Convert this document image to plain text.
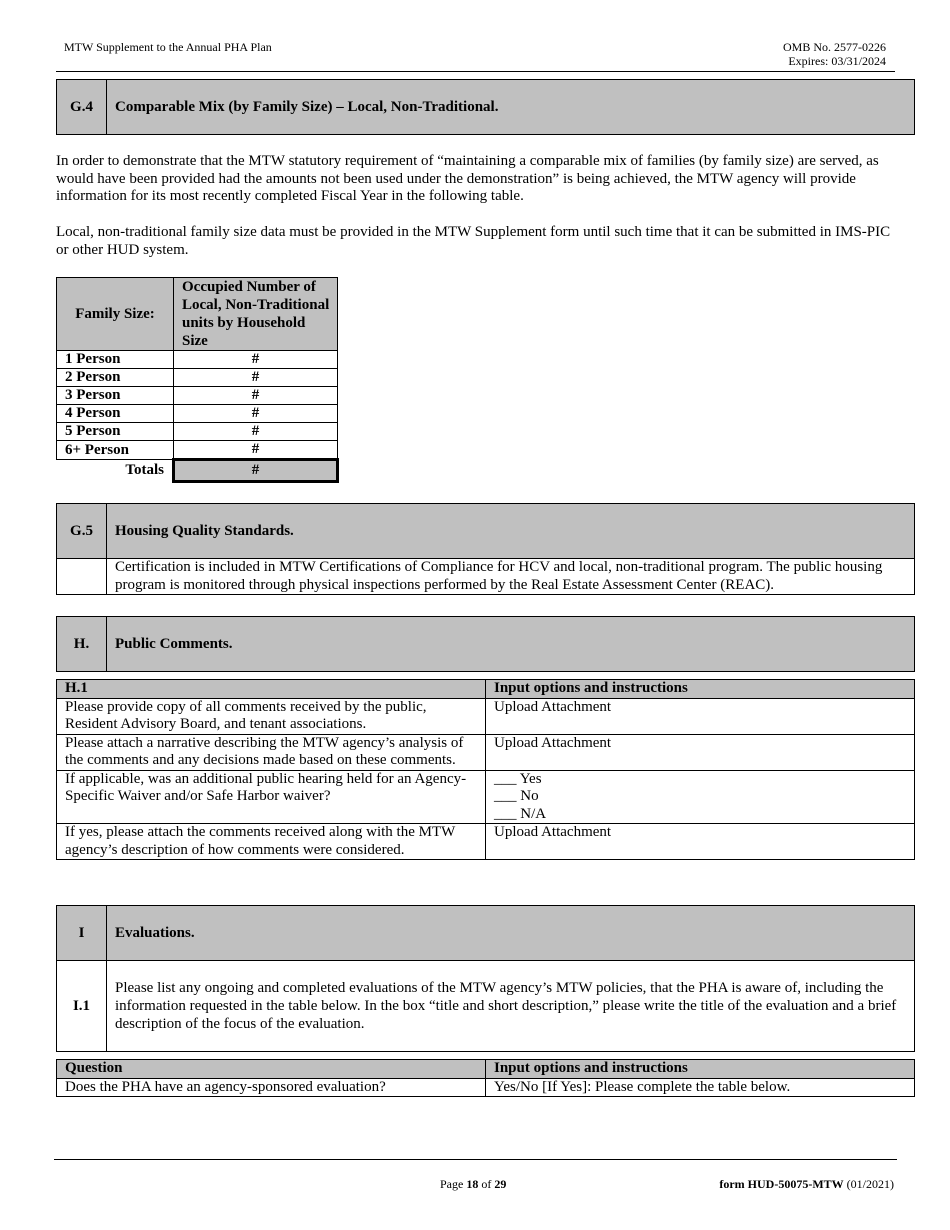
MTW Supplement to the Annual PHA Plan	OMB No. 2577-0226
Expires: 03/31/2024
G.4	Comparable Mix (by Family Size) – Local, Non-Traditional.

In order to demonstrate that the MTW statutory requirement of “maintaining a comparable mix of families (by family size) are served, as would have been provided had the amounts not been used under the demonstration” is being achieved, the MTW agency will provide information for its most recently completed Fiscal Year in the following table.

Local, non-traditional family size data must be provided in the MTW Supplement form until such time that it can be submitted in IMS-PIC or other HUD system.

Family Size:	Occupied Number of Local, Non-Traditional units by Household Size
1 Person	#
2 Person	#
3 Person	#
4 Person	#
5 Person	#
6+ Person	#
Totals	#
G.5	Housing Quality Standards.
	Certification is included in MTW Certifications of Compliance for HCV and local, non-traditional program. The public housing program is monitored through physical inspections performed by the Real Estate Assessment Center (REAC).
H.	Public Comments.
H.1	Input options and instructions
Please provide copy of all comments received by the public, Resident Advisory Board, and tenant associations.	Upload Attachment
Please attach a narrative describing the MTW agency’s analysis of the comments and any decisions made based on these comments.	Upload Attachment
If applicable, was an additional public hearing held for an Agency-Specific Waiver and/or Safe Harbor waiver?	___ Yes
___ No
___ N/A

If yes, please attach the comments received along with the MTW agency’s description of how comments were considered.	Upload Attachment
I	Evaluations.
I.1	Please list any ongoing and completed evaluations of the MTW agency’s MTW policies, that the PHA is aware of, including the information requested in the table below. In the box “title and short description,” please write the title of the evaluation and a brief description of the focus of the evaluation.
Question	Input options and instructions
Does the PHA have an agency-sponsored evaluation?	Yes/No [If Yes]: Please complete the table below.
Page 18 of 29	form HUD-50075-MTW (01/2021)
